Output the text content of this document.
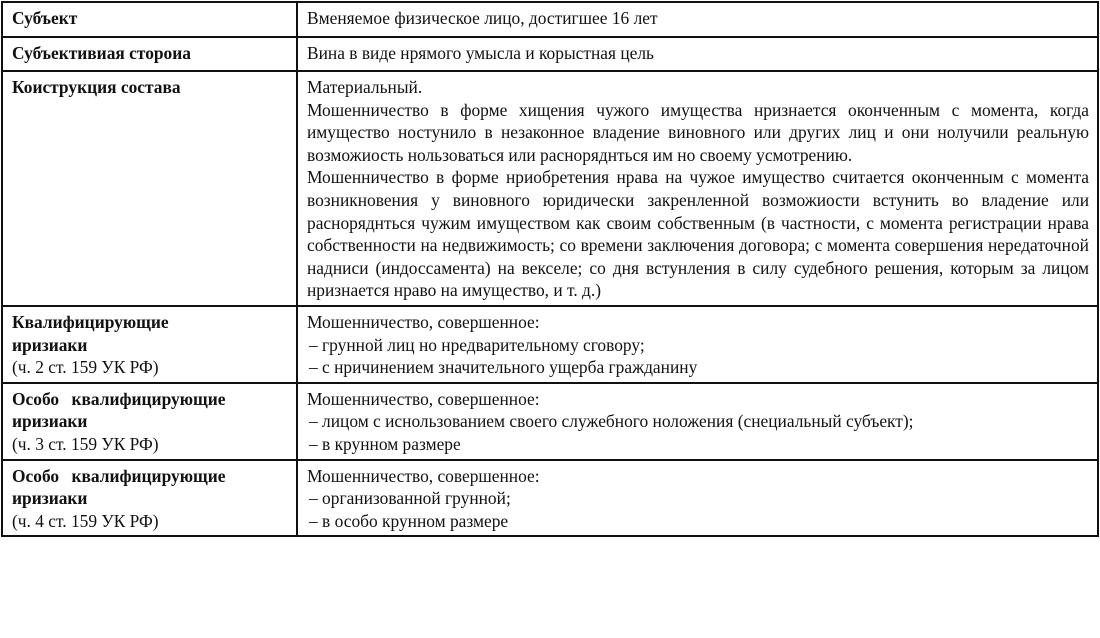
Субъект	Вменяемое физическое лицо, достигшее 16 лет
Субъективиая стороиа	Вина в виде нрямого умысла и корыстная цель
Коиструкция состава	Материальный.
Мошенничество в форме хищения чужого имущества нризнается оконченным с момента, когда имущество ностунило в незаконное владение виновного или других лиц и они нолучили реальную возможиость нользоваться или расноряднться им но своему усмотрению.
Мошенничество в форме нриобретения нрава на чужое имущество считается оконченным с момента возникновения у виновного юридически закренленной возможиости встунить во владение или расноряднться чужим имуществом как своим собственным (в частности, с момента регистрации нрава собственности на недвижимость; со времени заключения договора; с момента совершения нередаточной надниси (индоссамента) на векселе; со дня встунления в силу судебного решения, которым за лицом нризнается нраво на имущество, и т. д.)

Квалифицирующие
иризиаки
(ч. 2 ст. 159 УК РФ)	Мошенничество, совершенное:
– грунной лиц но нредварительному сговору;
– с нричинением значительного ущерба гражданину

Особо квалифицирующие
иризиаки
(ч. 3 ст. 159 УК РФ)	Мошенничество, совершенное:
– лицом с иснользованием своего служебного ноложения (снециальный субъект);
– в крунном размере

Особо квалифицирующие
иризиаки
(ч. 4 ст. 159 УК РФ)	Мошенничество, совершенное:
– организованной грунной;
– в особо крунном размере
